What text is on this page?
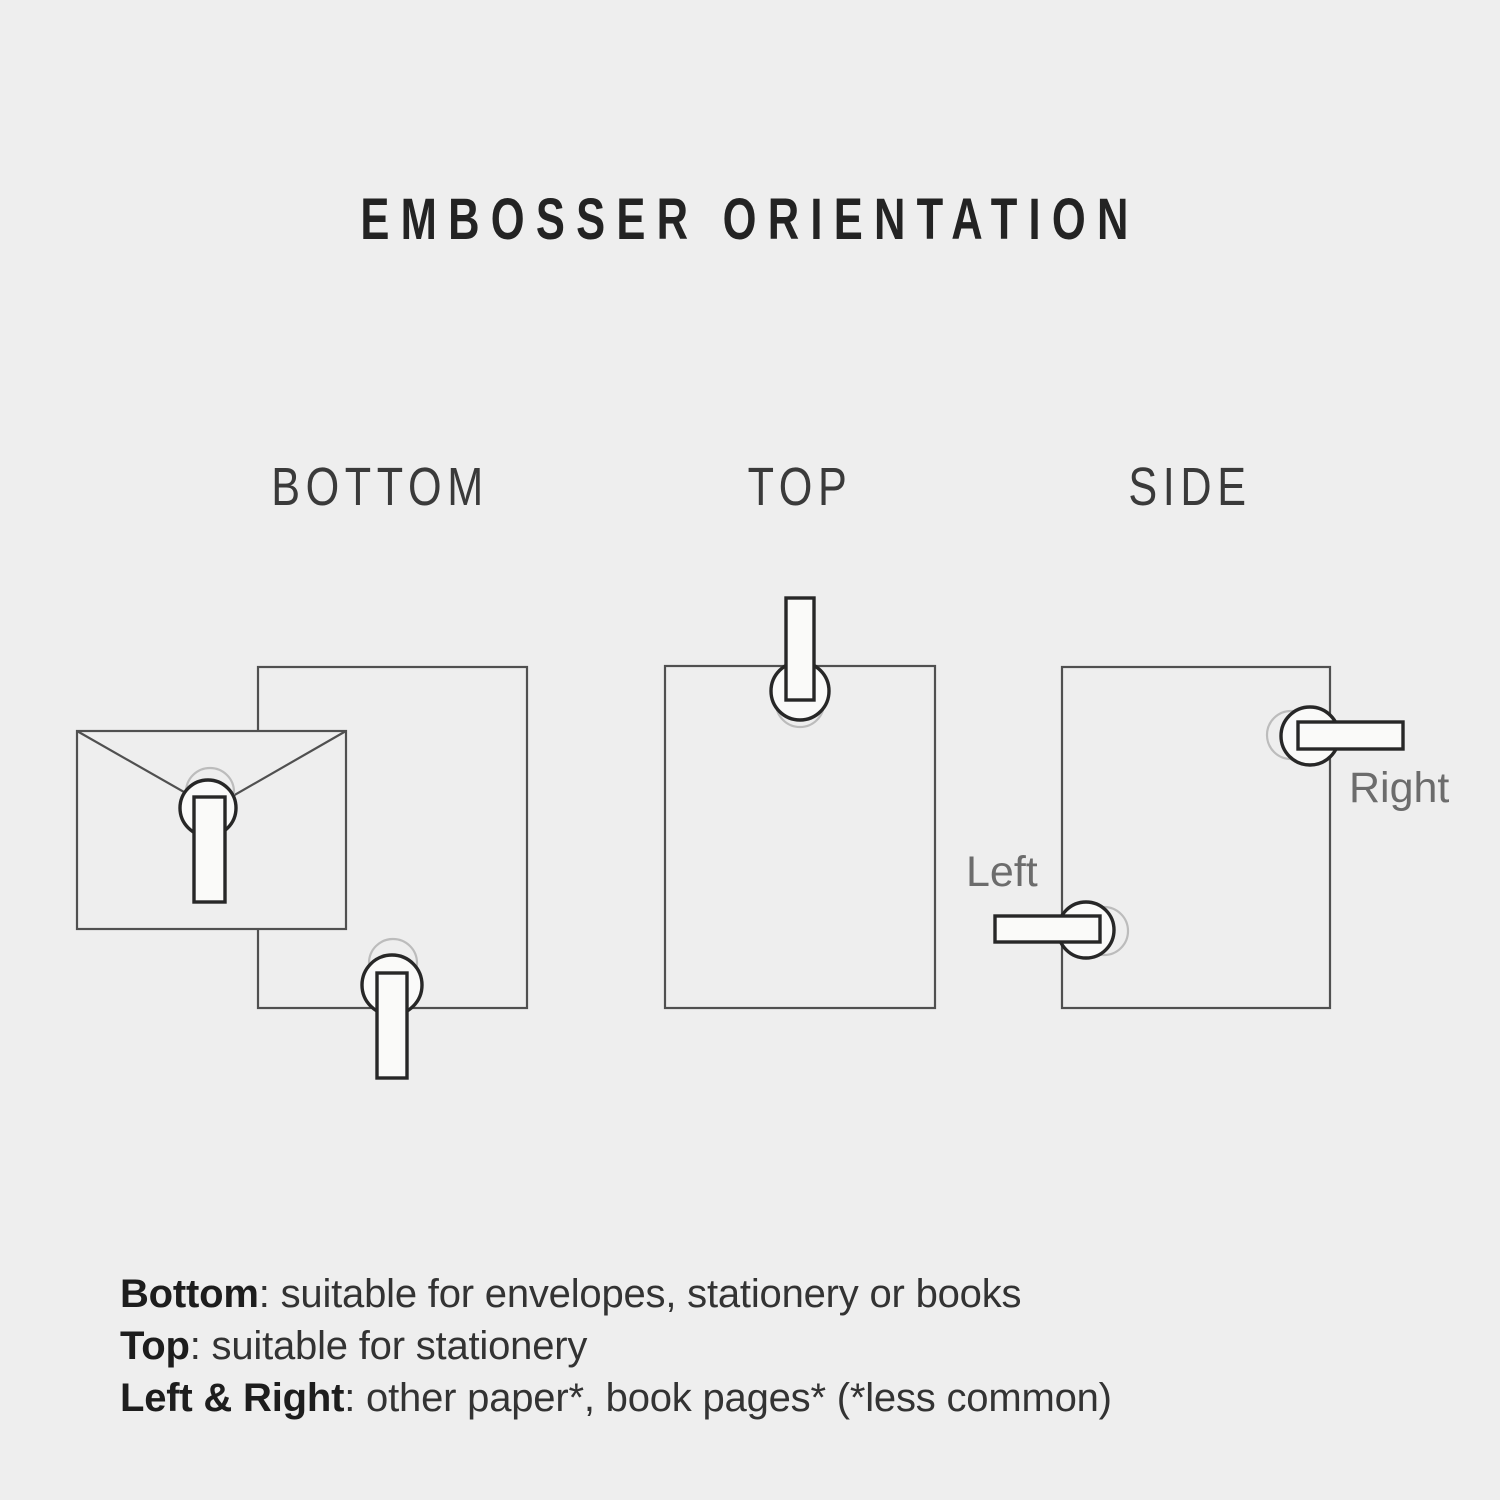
EMBOSSER ORIENTATION
BOTTOM	TOP	SIDE
Left
Right
Bottom: suitable for envelopes, stationery or books
Top: suitable for stationery
Left & Right: other paper*, book pages* (*less common)
